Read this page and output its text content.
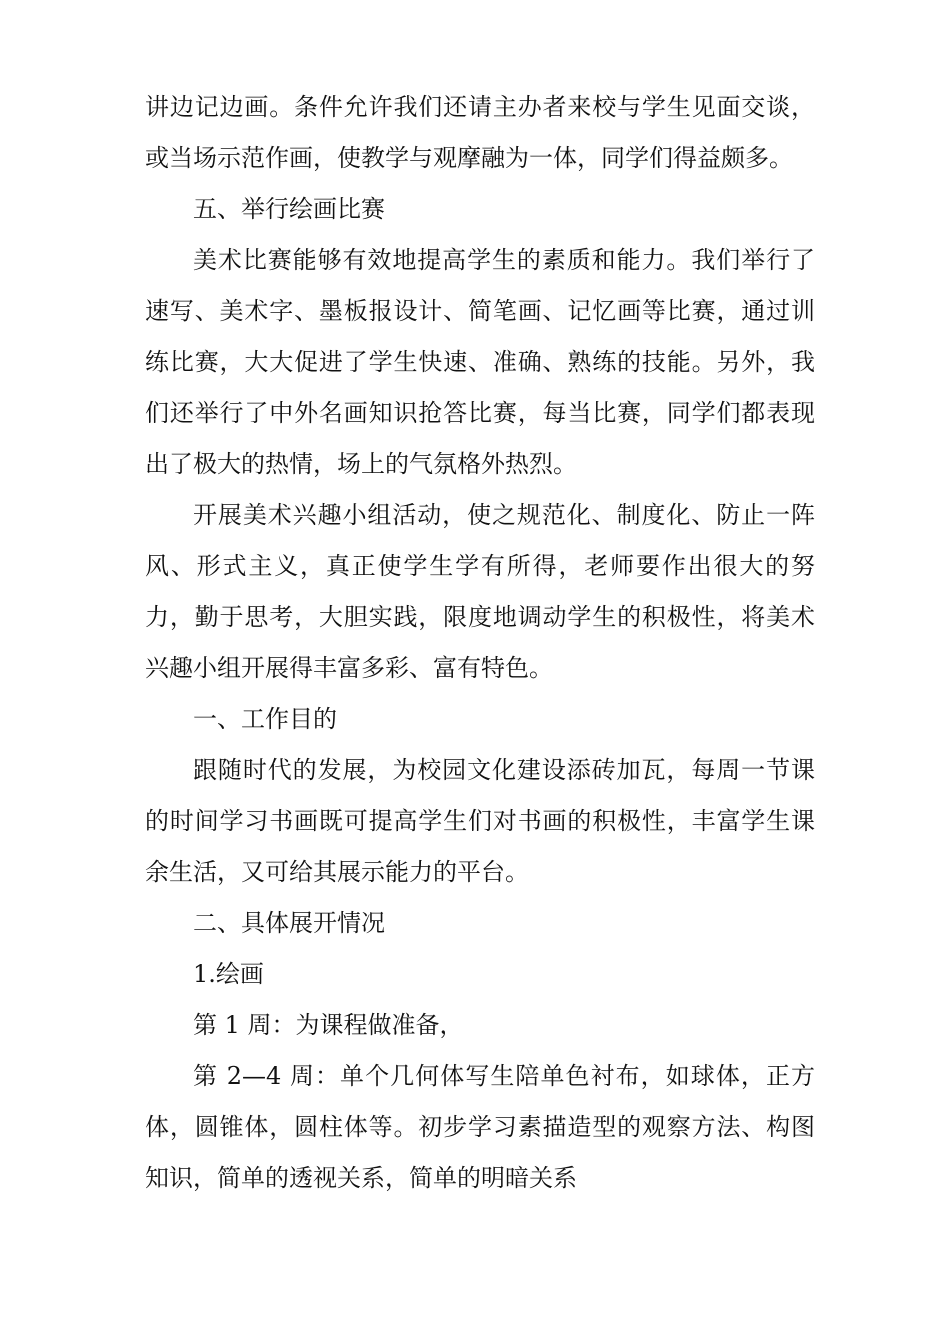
讲边记边画。条件允许我们还请主办者来校与学生见面交谈，或当场示范作画，使教学与观摩融为一体，同学们得益颇多。

五、举行绘画比赛

美术比赛能够有效地提高学生的素质和能力。我们举行了速写、美术字、墨板报设计、简笔画、记忆画等比赛，通过训练比赛，大大促进了学生快速、准确、熟练的技能。另外，我们还举行了中外名画知识抢答比赛，每当比赛，同学们都表现出了极大的热情，场上的气氛格外热烈。

开展美术兴趣小组活动，使之规范化、制度化、防止一阵风、形式主义，真正使学生学有所得，老师要作出很大的努力，勤于思考，大胆实践，限度地调动学生的积极性，将美术兴趣小组开展得丰富多彩、富有特色。

一、工作目的

跟随时代的发展，为校园文化建设添砖加瓦，每周一节课的时间学习书画既可提高学生们对书画的积极性，丰富学生课余生活，又可给其展示能力的平台。

二、具体展开情况

1.绘画

第 1 周：为课程做准备，

第 2—4 周：单个几何体写生陪单色衬布，如球体，正方体，圆锥体，圆柱体等。初步学习素描造型的观察方法、构图知识，简单的透视关系，简单的明暗关系
